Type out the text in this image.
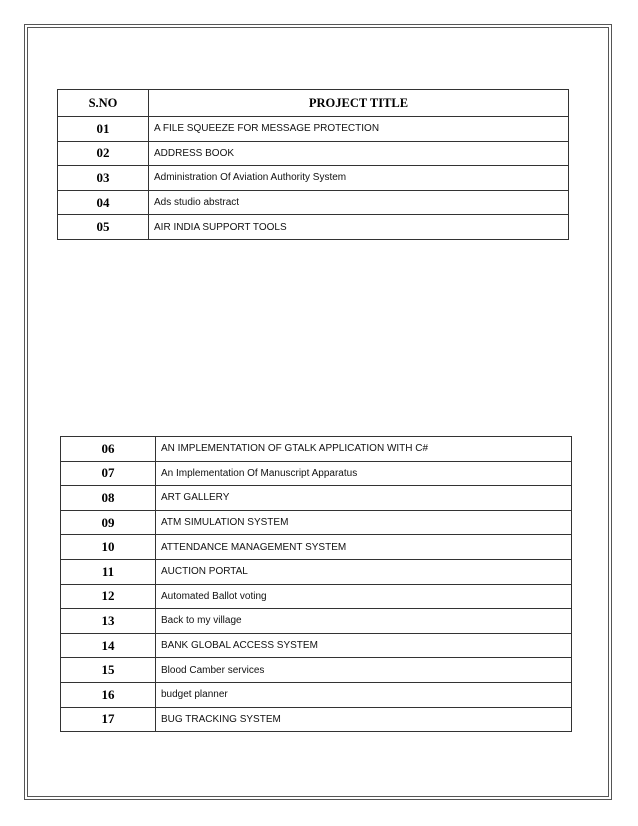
S.NO	PROJECT TITLE
01	A FILE SQUEEZE FOR MESSAGE PROTECTION
02	ADDRESS BOOK
03	Administration Of Aviation Authority System
04	Ads studio abstract
05	AIR INDIA SUPPORT TOOLS
06	AN IMPLEMENTATION OF GTALK APPLICATION WITH C#
07	An Implementation Of Manuscript Apparatus
08	ART GALLERY
09	ATM SIMULATION SYSTEM
10	ATTENDANCE MANAGEMENT SYSTEM
11	AUCTION PORTAL
12	Automated Ballot voting
13	Back to my village
14	BANK GLOBAL ACCESS SYSTEM
15	Blood Camber services
16	budget planner
17	BUG TRACKING SYSTEM
